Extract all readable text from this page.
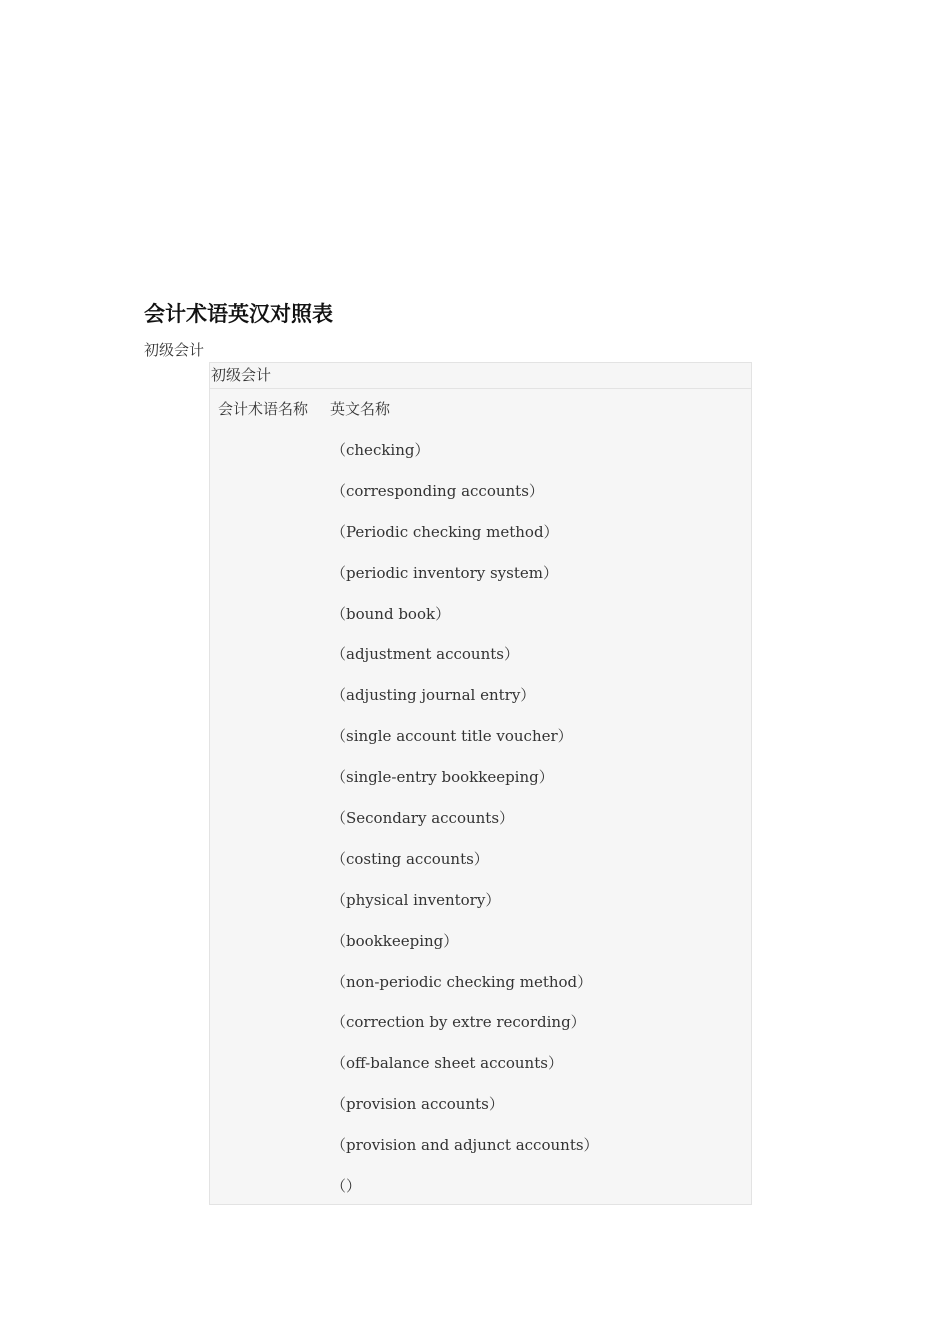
会计术语英汉对照表
初级会计
初级会计
会计术语名称 英文名称
（checking）
（corresponding accounts）
（Periodic checking method）
（periodic inventory system）
（bound book）
（adjustment accounts）
（adjusting journal entry）
（single account title voucher）
（single-entry bookkeeping）
（Secondary accounts）
（costing accounts）
（physical inventory）
（bookkeeping）
（non-periodic checking method）
（correction by extre recording）
（off-balance sheet accounts）
（provision accounts）
（provision and adjunct accounts）
（）
